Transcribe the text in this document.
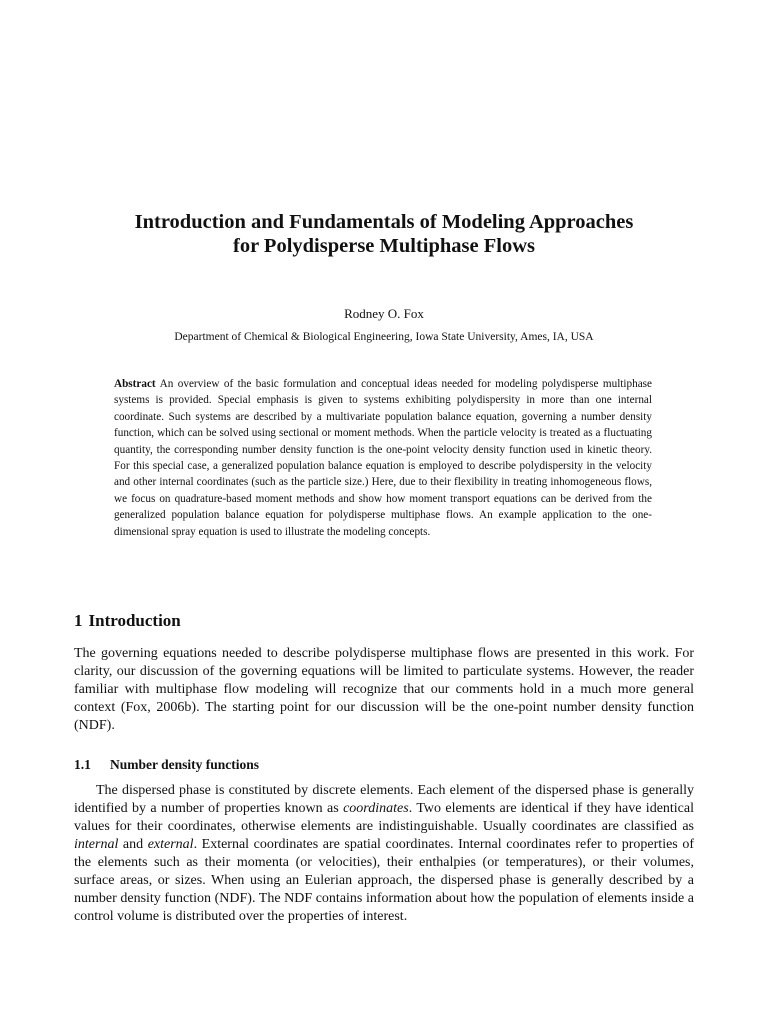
Introduction and Fundamentals of Modeling Approaches
for Polydisperse Multiphase Flows

Rodney O. Fox

Department of Chemical & Biological Engineering, Iowa State University, Ames, IA, USA

Abstract An overview of the basic formulation and conceptual ideas needed for modeling polydisperse multiphase systems is provided. Special emphasis is given to systems exhibiting polydispersity in more than one internal coordinate. Such systems are described by a multivariate population balance equation, governing a number density function, which can be solved using sectional or moment methods. When the particle velocity is treated as a fluctuating quantity, the corresponding number density function is the one-point velocity density function used in kinetic theory. For this special case, a generalized population balance equation is employed to describe polydispersity in the velocity and other internal coordinates (such as the particle size.) Here, due to their flexibility in treating inhomogeneous flows, we focus on quadrature-based moment methods and show how moment transport equations can be derived from the generalized population balance equation for polydisperse multiphase flows. An example application to the one-dimensional spray equation is used to illustrate the modeling concepts.

1 Introduction

The governing equations needed to describe polydisperse multiphase flows are presented in this work. For clarity, our discussion of the governing equations will be limited to particulate systems. However, the reader familiar with multiphase flow modeling will recognize that our comments hold in a much more general context (Fox, 2006b). The starting point for our discussion will be the one-point number density function (NDF).

1.1 Number density functions

The dispersed phase is constituted by discrete elements. Each element of the dispersed phase is generally identified by a number of properties known as coordinates. Two elements are identical if they have identical values for their coordinates, otherwise elements are indistinguishable. Usually coordinates are classified as internal and external. External coordinates are spatial coordinates. Internal coordinates refer to properties of the elements such as their momenta (or velocities), their enthalpies (or temperatures), or their volumes, surface areas, or sizes. When using an Eulerian approach, the dispersed phase is generally described by a number density function (NDF). The NDF contains information about how the population of elements inside a control volume is distributed over the properties of interest.
